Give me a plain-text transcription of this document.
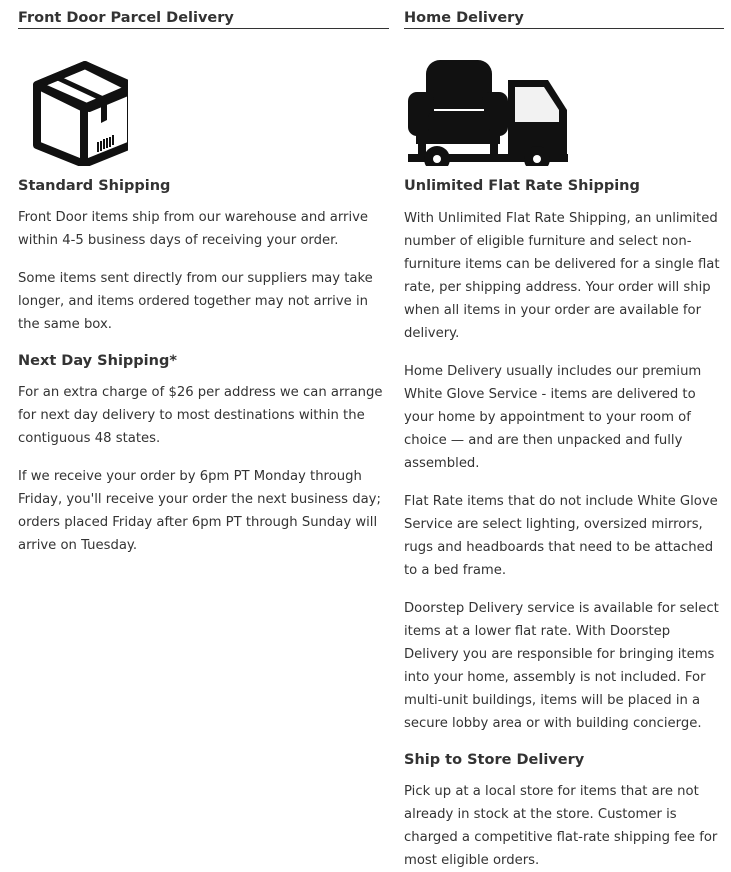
Front Door Parcel Delivery
Standard Shipping

Front Door items ship from our warehouse and arrive within 4-5 business days of receiving your order.

Some items sent directly from our suppliers may take longer, and items ordered together may not arrive in the same box.

Next Day Shipping*

For an extra charge of $26 per address we can arrange for next day delivery to most destinations within the contiguous 48 states.

If we receive your order by 6pm PT Monday through Friday, you'll receive your order the next business day; orders placed Friday after 6pm PT through Sunday will arrive on Tuesday.

Home Delivery
Unlimited Flat Rate Shipping

With Unlimited Flat Rate Shipping, an unlimited number of eligible furniture and select non-furniture items can be delivered for a single flat rate, per shipping address. Your order will ship when all items in your order are available for delivery.

Home Delivery usually includes our premium White Glove Service - items are delivered to your home by appointment to your room of choice — and are then unpacked and fully assembled.

Flat Rate items that do not include White Glove Service are select lighting, oversized mirrors, rugs and headboards that need to be attached to a bed frame.

Doorstep Delivery service is available for select items at a lower flat rate. With Doorstep Delivery you are responsible for bringing items into your home, assembly is not included. For multi-unit buildings, items will be placed in a secure lobby area or with building concierge.

Ship to Store Delivery

Pick up at a local store for items that are not already in stock at the store. Customer is charged a competitive flat-rate shipping fee for most eligible orders.
